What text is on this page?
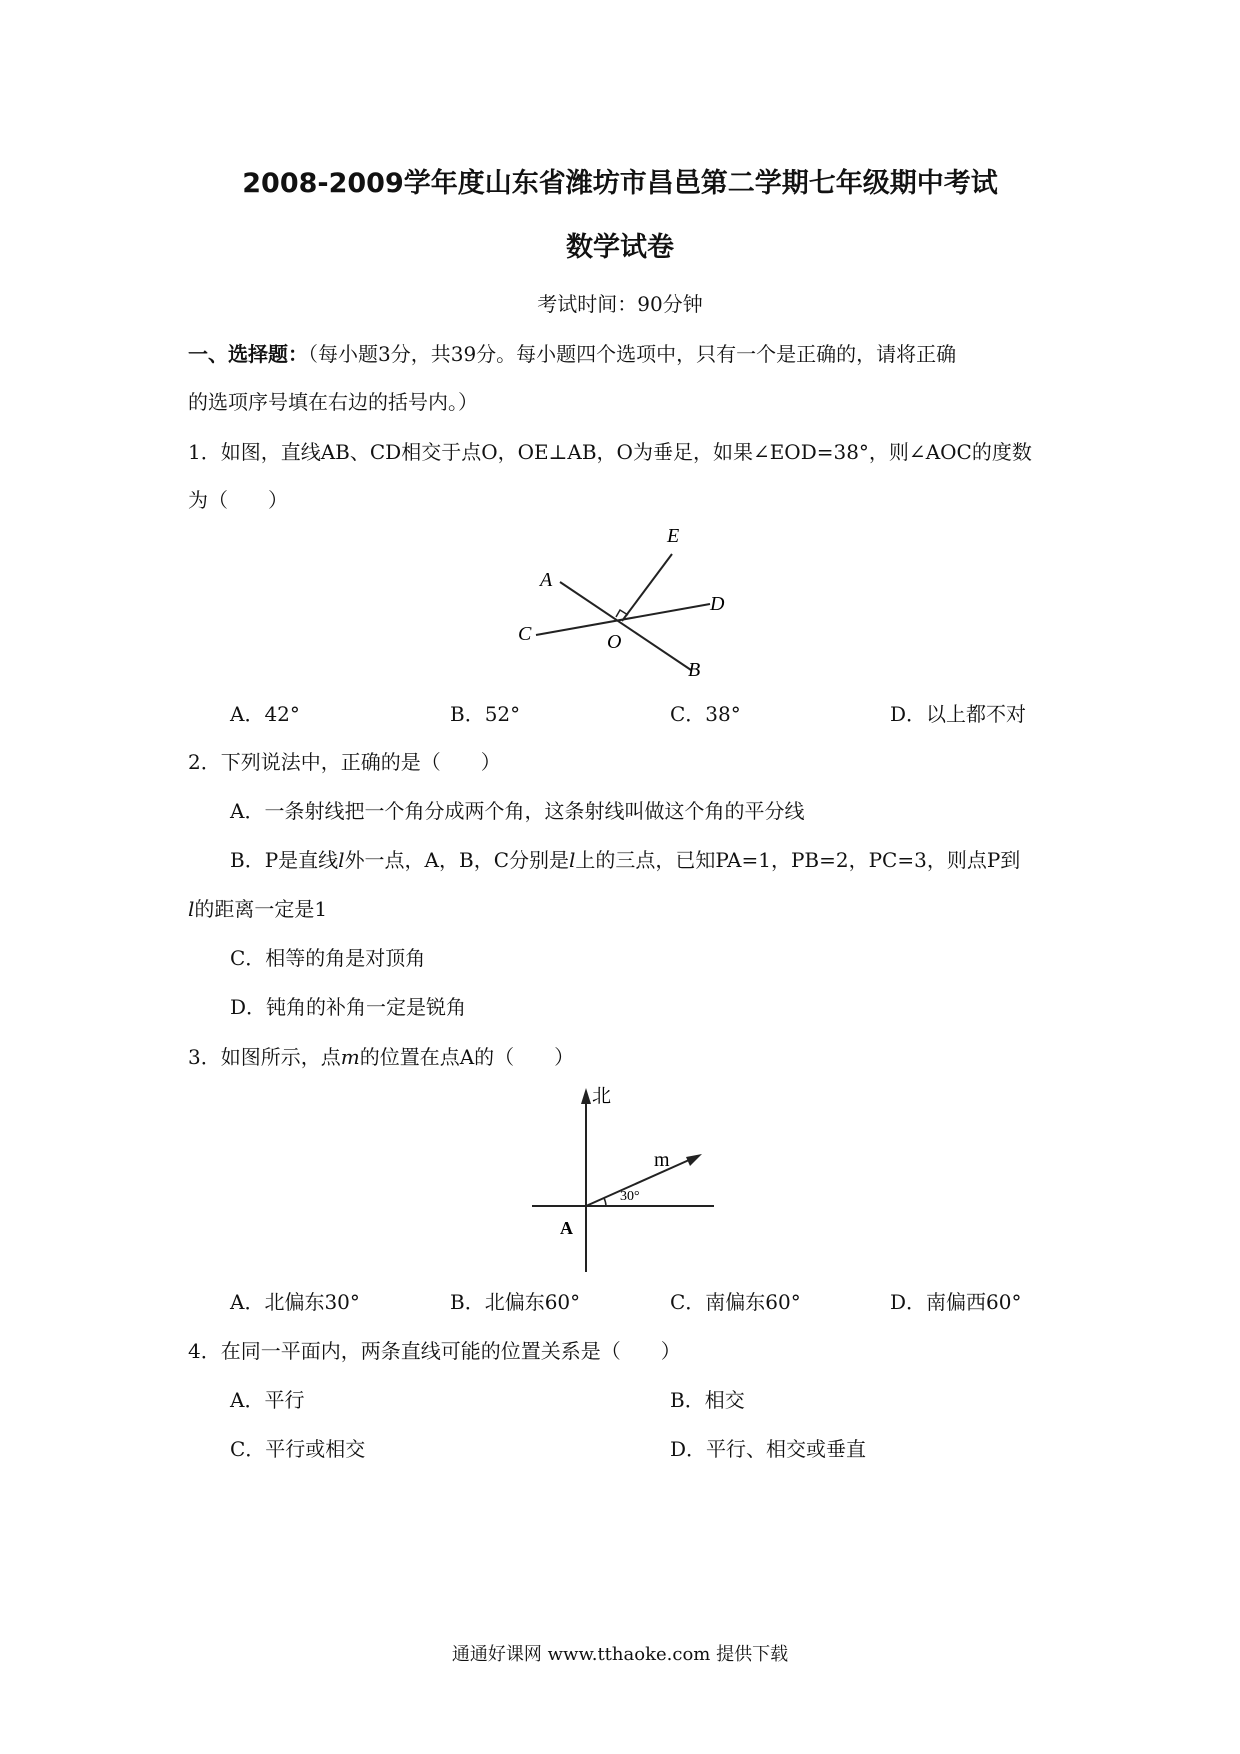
2008-2009学年度山东省潍坊市昌邑第二学期七年级期中考试
数学试卷
考试时间：90分钟
一、选择题：（每小题3分，共39分。每小题四个选项中，只有一个是正确的，请将正确
的选项序号填在右边的括号内。）
1．如图，直线AB、CD相交于点O，OE⊥AB，O为垂足，如果∠EOD=38°，则∠AOC的度数
为（　　）
A
B
C
D
E
O
A．42°	B．52°	C．38°	D．以上都不对
2．下列说法中，正确的是（　　）
A．一条射线把一个角分成两个角，这条射线叫做这个角的平分线
B．P是直线l外一点，A，B，C分别是l上的三点，已知PA=1，PB=2，PC=3，则点P到
l的距离一定是1
C．相等的角是对顶角
D．钝角的补角一定是锐角
3．如图所示，点m的位置在点A的（　　）
北
m
30°
A
A．北偏东30°	B．北偏东60°	C．南偏东60°	D．南偏西60°
4．在同一平面内，两条直线可能的位置关系是（　　）
A．平行	B．相交
C．平行或相交	D．平行、相交或垂直
通通好课网 www.tthaoke.com 提供下载
